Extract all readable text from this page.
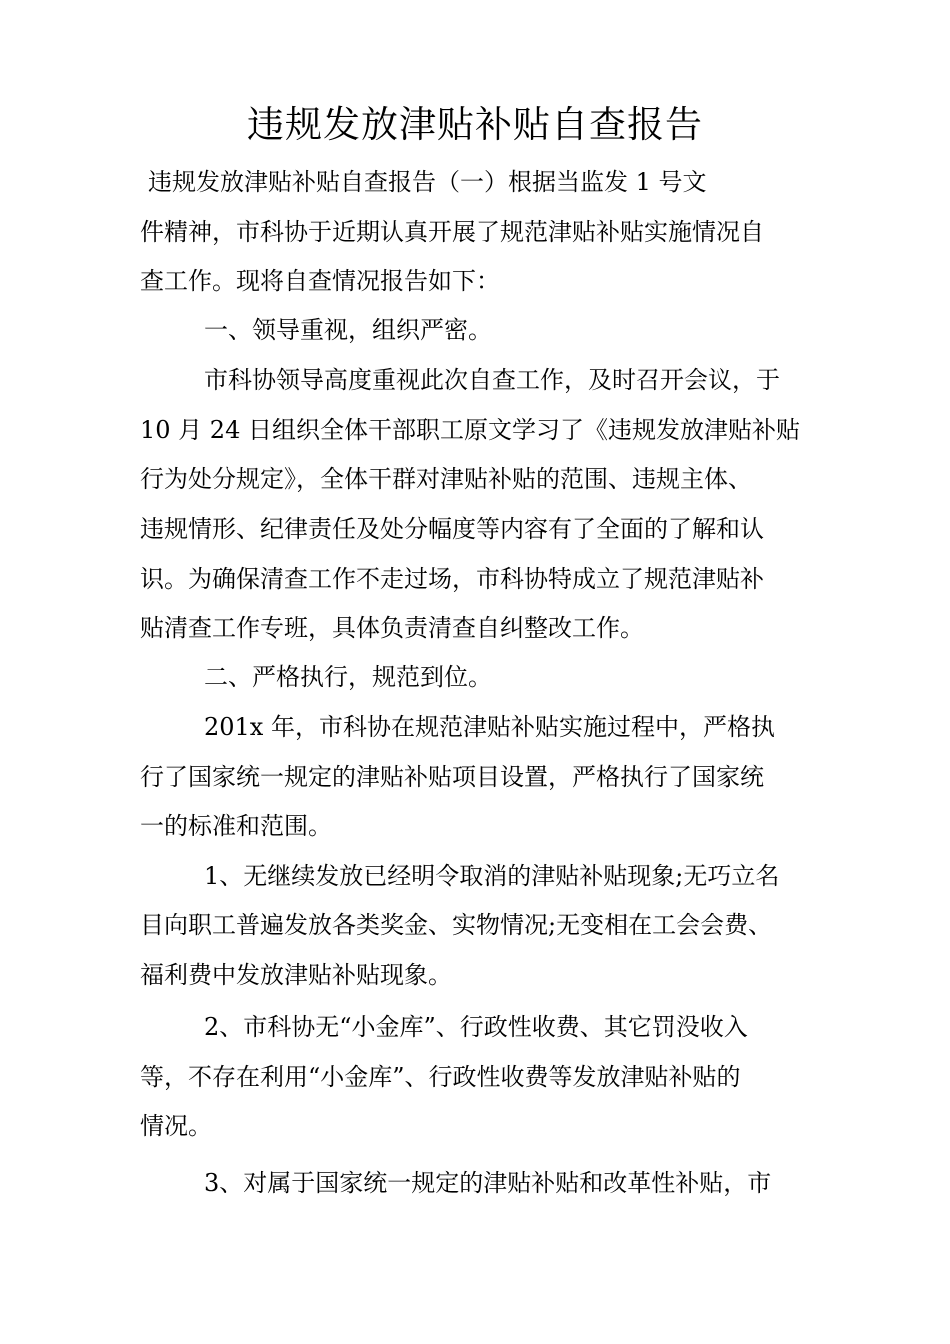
违规发放津贴补贴自查报告

违规发放津贴补贴自查报告（一）根据当监发 1 号文

件精神，市科协于近期认真开展了规范津贴补贴实施情况自

查工作。现将自查情况报告如下：

一、领导重视，组织严密。

市科协领导高度重视此次自查工作，及时召开会议，于

10 月 24 日组织全体干部职工原文学习了《违规发放津贴补贴

行为处分规定》，全体干群对津贴补贴的范围、违规主体、

违规情形、纪律责任及处分幅度等内容有了全面的了解和认

识。为确保清查工作不走过场，市科协特成立了规范津贴补

贴清查工作专班，具体负责清查自纠整改工作。

二、严格执行，规范到位。

201x 年，市科协在规范津贴补贴实施过程中，严格执

行了国家统一规定的津贴补贴项目设置，严格执行了国家统

一的标准和范围。

1、无继续发放已经明令取消的津贴补贴现象;无巧立名

目向职工普遍发放各类奖金、实物情况;无变相在工会会费、

福利费中发放津贴补贴现象。

2、市科协无“小金库”、行政性收费、其它罚没收入

等，不存在利用“小金库”、行政性收费等发放津贴补贴的

情况。

3、对属于国家统一规定的津贴补贴和改革性补贴，市
